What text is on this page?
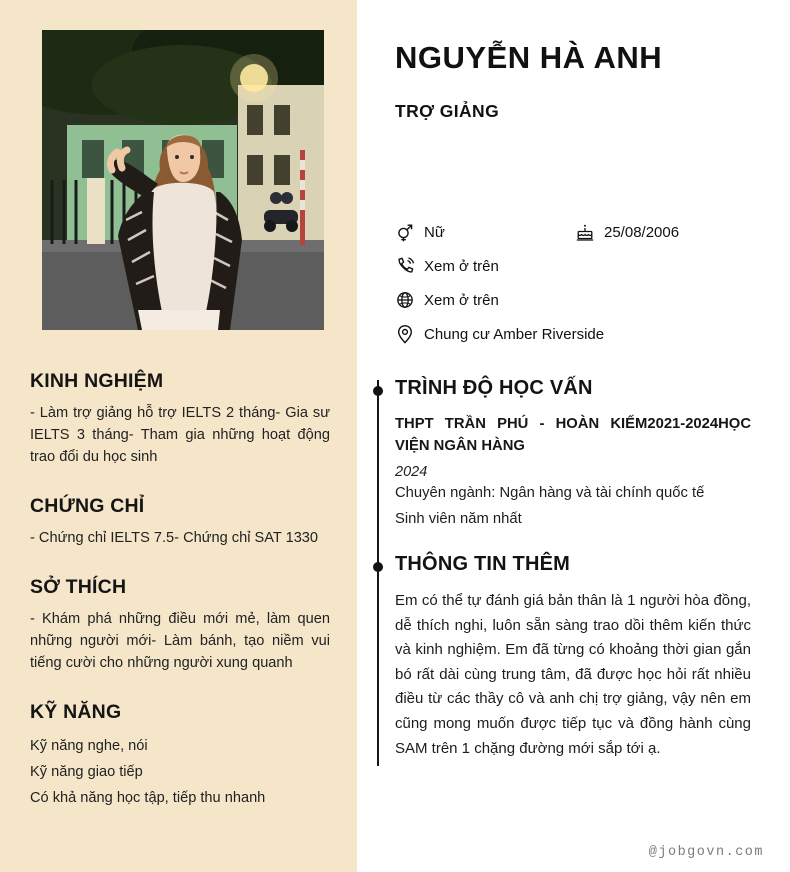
KINH NGHIỆM

- Làm trợ giảng hỗ trợ IELTS 2 tháng- Gia sư IELTS 3 tháng- Tham gia những hoạt động trao đổi du học sinh

CHỨNG CHỈ

- Chứng chỉ IELTS 7.5- Chứng chỉ SAT 1330

SỞ THÍCH

- Khám phá những điều mới mẻ, làm quen những người mới- Làm bánh, tạo niềm vui tiếng cười cho những người xung quanh

KỸ NĂNG

Kỹ năng nghe, nói

Kỹ năng giao tiếp

Có khả năng học tập, tiếp thu nhanh

NGUYỄN HÀ ANH
TRỢ GIẢNG
Nữ	25/08/2006
Xem ở trên
Xem ở trên
Chung cư Amber Riverside
TRÌNH ĐỘ HỌC VẤN

THPT TRẦN PHÚ - HOÀN KIẾM2021-2024HỌC VIỆN NGÂN HÀNG

2024

Chuyên ngành: Ngân hàng và tài chính quốc tế

Sinh viên năm nhất

THÔNG TIN THÊM

Em có thể tự đánh giá bản thân là 1 người hòa đồng, dễ thích nghi, luôn sẵn sàng trao dồi thêm kiến thức và kinh nghiệm. Em đã từng có khoảng thời gian gắn bó rất dài cùng trung tâm, đã được học hỏi rất nhiều điều từ các thầy cô và anh chị trợ giảng, vậy nên em cũng mong muốn được tiếp tục và đồng hành cùng SAM trên 1 chặng đường mới sắp tới ạ.

@jobgovn.com
